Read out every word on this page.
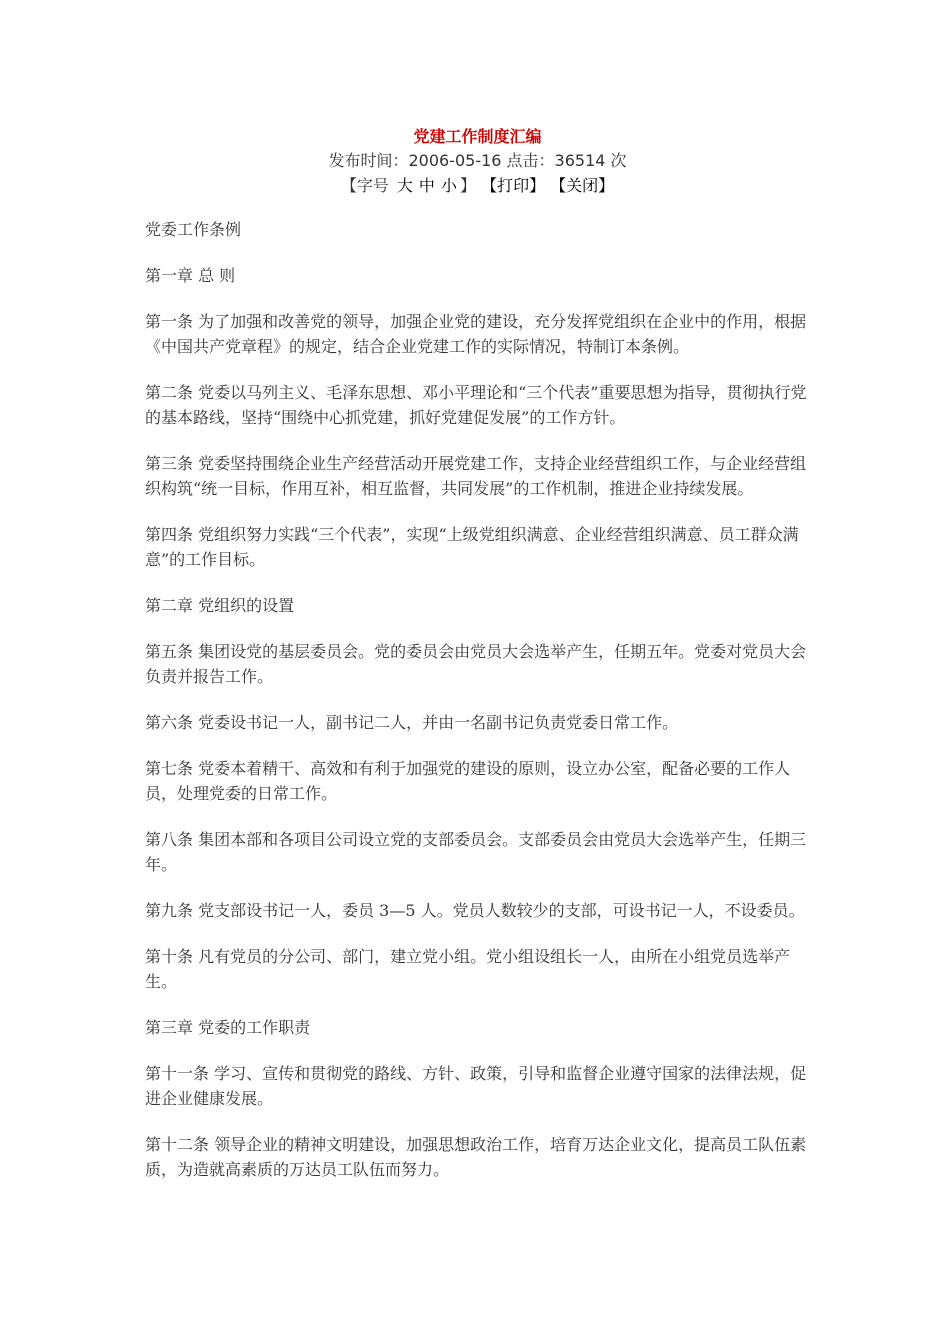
党建工作制度汇编
发布时间：2006-05-16 点击：36514 次
【字号 大 中 小 】 【打印】 【关闭】

党委工作条例

第一章 总 则

第一条 为了加强和改善党的领导，加强企业党的建设，充分发挥党组织在企业中的作用，根据《中国共产党章程》的规定，结合企业党建工作的实际情况，特制订本条例。

第二条 党委以马列主义、毛泽东思想、邓小平理论和“三个代表”重要思想为指导，贯彻执行党的基本路线，坚持“围绕中心抓党建，抓好党建促发展”的工作方针。

第三条 党委坚持围绕企业生产经营活动开展党建工作，支持企业经营组织工作，与企业经营组织构筑“统一目标，作用互补，相互监督，共同发展”的工作机制，推进企业持续发展。

第四条 党组织努力实践“三个代表”，实现“上级党组织满意、企业经营组织满意、员工群众满意”的工作目标。

第二章 党组织的设置

第五条 集团设党的基层委员会。党的委员会由党员大会选举产生，任期五年。党委对党员大会负责并报告工作。

第六条 党委设书记一人，副书记二人，并由一名副书记负责党委日常工作。

第七条 党委本着精干、高效和有利于加强党的建设的原则，设立办公室，配备必要的工作人员，处理党委的日常工作。

第八条 集团本部和各项目公司设立党的支部委员会。支部委员会由党员大会选举产生，任期三年。

第九条 党支部设书记一人，委员 3—5 人。党员人数较少的支部，可设书记一人，不设委员。

第十条 凡有党员的分公司、部门，建立党小组。党小组设组长一人，由所在小组党员选举产生。

第三章 党委的工作职责

第十一条 学习、宣传和贯彻党的路线、方针、政策，引导和监督企业遵守国家的法律法规，促进企业健康发展。

第十二条 领导企业的精神文明建设，加强思想政治工作，培育万达企业文化，提高员工队伍素质，为造就高素质的万达员工队伍而努力。
